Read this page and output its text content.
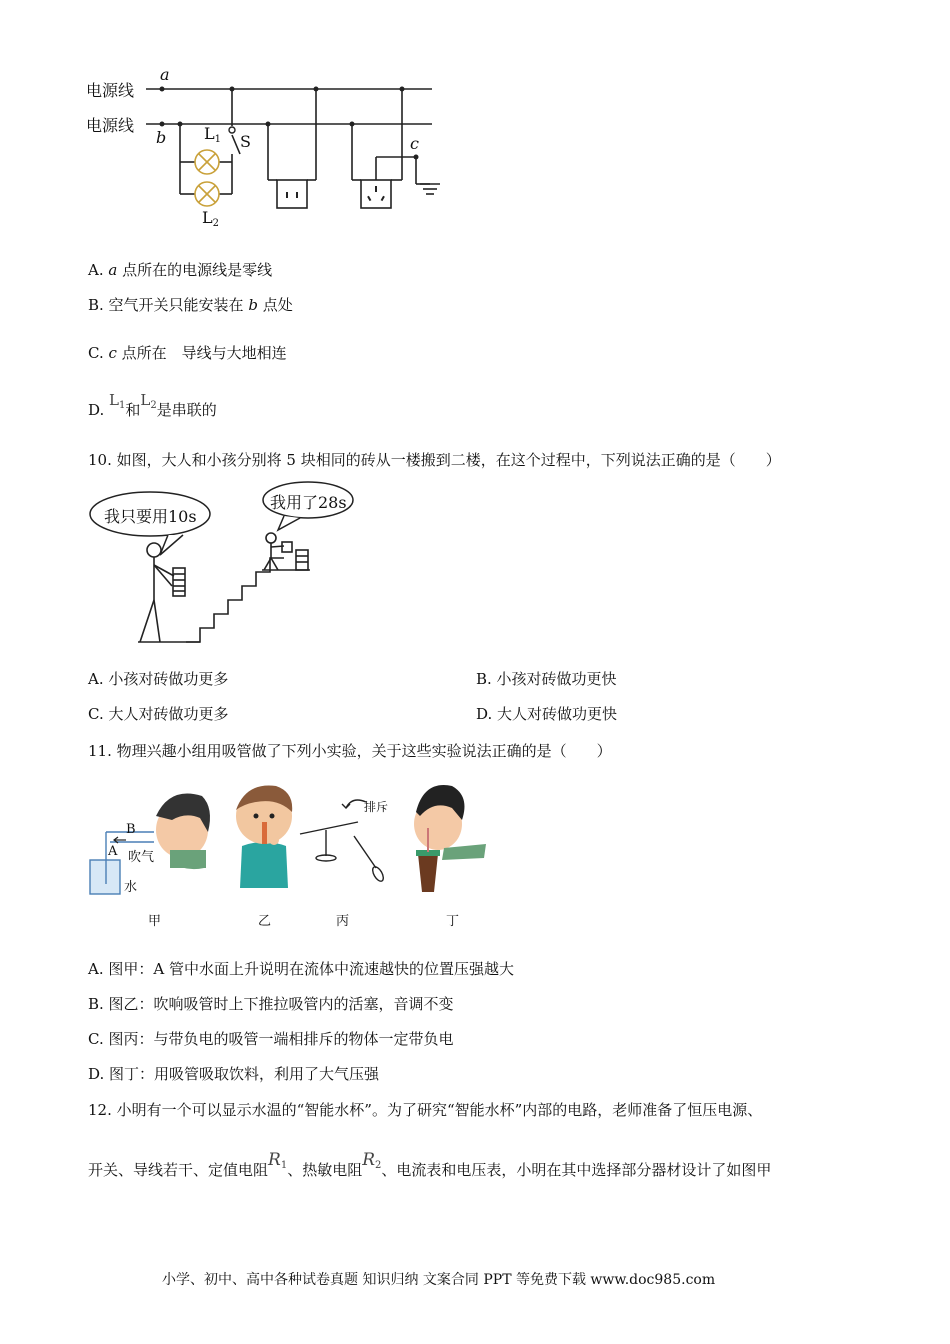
电源线
电源线
a
b	c
$L_1$
$L_2$
S
A. a 点所在的电源线是零线
B. 空气开关只能安装在 b 点处
C. c 点所在　导线与大地相连
D. $L^1$和$L^2$是串联的
10. 如图，大人和小孩分别将 5 块相同的砖从一楼搬到二楼，在这个过程中，下列说法正确的是（　　）
我只要用10s
我用了28s
A. 小孩对砖做功更多	B. 小孩对砖做功更快
C. 大人对砖做功更多	D. 大人对砖做功更快
11. 物理兴趣小组用吸管做了下列小实验，关于这些实验说法正确的是（　　）
B
A 吹气
水
排斥
甲	乙	丙	丁
A. 图甲：A 管中水面上升说明在流体中流速越快的位置压强越大
B. 图乙：吹响吸管时上下推拉吸管内的活塞，音调不变
C. 图丙：与带负电的吸管一端相排斥的物体一定带负电
D. 图丁：用吸管吸取饮料，利用了大气压强
12. 小明有一个可以显示水温的“智能水杯”。为了研究“智能水杯”内部的电路，老师准备了恒压电源、
开关、导线若干、定值电阻$R^1$、热敏电阻$R^2$、电流表和电压表，小明在其中选择部分器材设计了如图甲
小学、初中、高中各种试卷真题 知识归纳 文案合同 PPT 等免费下载 www.doc985.com
